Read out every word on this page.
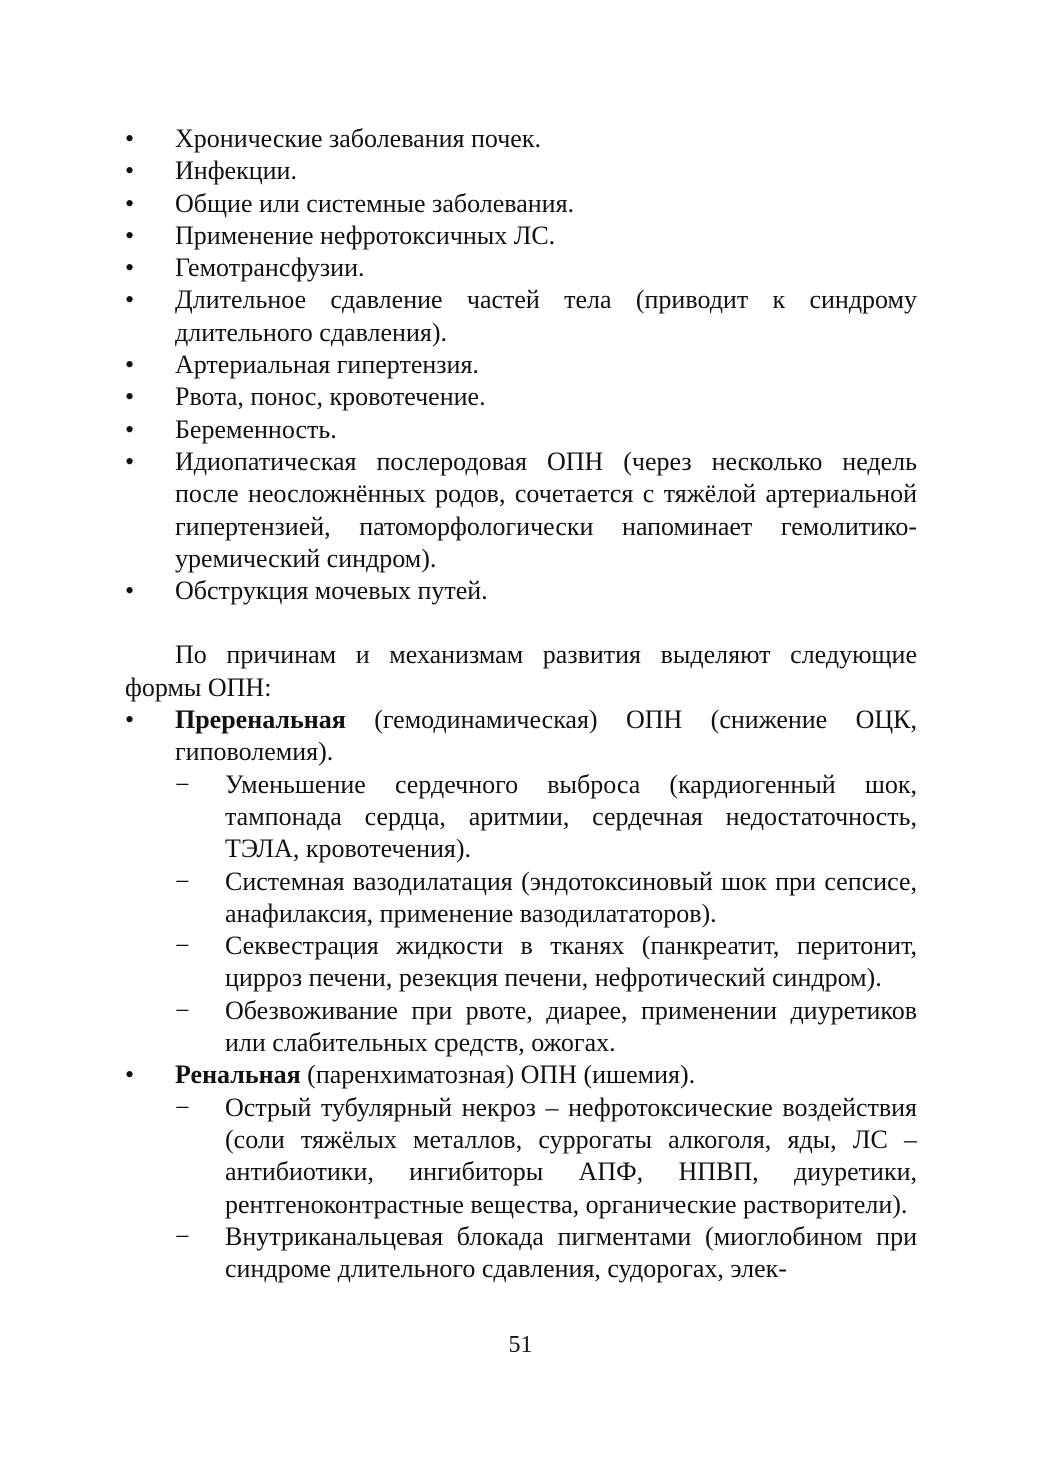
•	Хронические заболевания почек.
•	Инфекции.
•	Общие или системные заболевания.
•	Применение нефротоксичных ЛС.
•	Гемотрансфузии.
•	Длительное сдавление частей тела (приводит к синдрому длительного сдавления).
•	Артериальная гипертензия.
•	Рвота, понос, кровотечение.
•	Беременность.
•	Идиопатическая послеродовая ОПН (через несколько недель после неосложнённых родов, сочетается с тяжёлой артериальной гипертензией, патоморфологически напоминает гемолитико-уремический синдром).
•	Обструкция мочевых путей.
По причинам и механизмам развития выделяют следующие формы ОПН:
•	Преренальная (гемодинамическая) ОПН (снижение ОЦК, гиповолемия).
−	Уменьшение сердечного выброса (кардиогенный шок, тампонада сердца, аритмии, сердечная недостаточность, ТЭЛА, кровотечения).
−	Системная вазодилатация (эндотоксиновый шок при сепсисе, анафилаксия, применение вазодилататоров).
−	Секвестрация жидкости в тканях (панкреатит, перитонит, цирроз печени, резекция печени, нефротический синдром).
−	Обезвоживание при рвоте, диарее, применении диуретиков или слабительных средств, ожогах.
•	Ренальная (паренхиматозная) ОПН (ишемия).
−	Острый тубулярный некроз – нефротоксические воздействия (соли тяжёлых металлов, суррогаты алкоголя, яды, ЛС – антибиотики, ингибиторы АПФ, НПВП, диуретики, рентгеноконтрастные вещества, органические растворители).
−	Внутриканальцевая блокада пигментами (миоглобином при синдроме длительного сдавления, судорогах, элек-
51
